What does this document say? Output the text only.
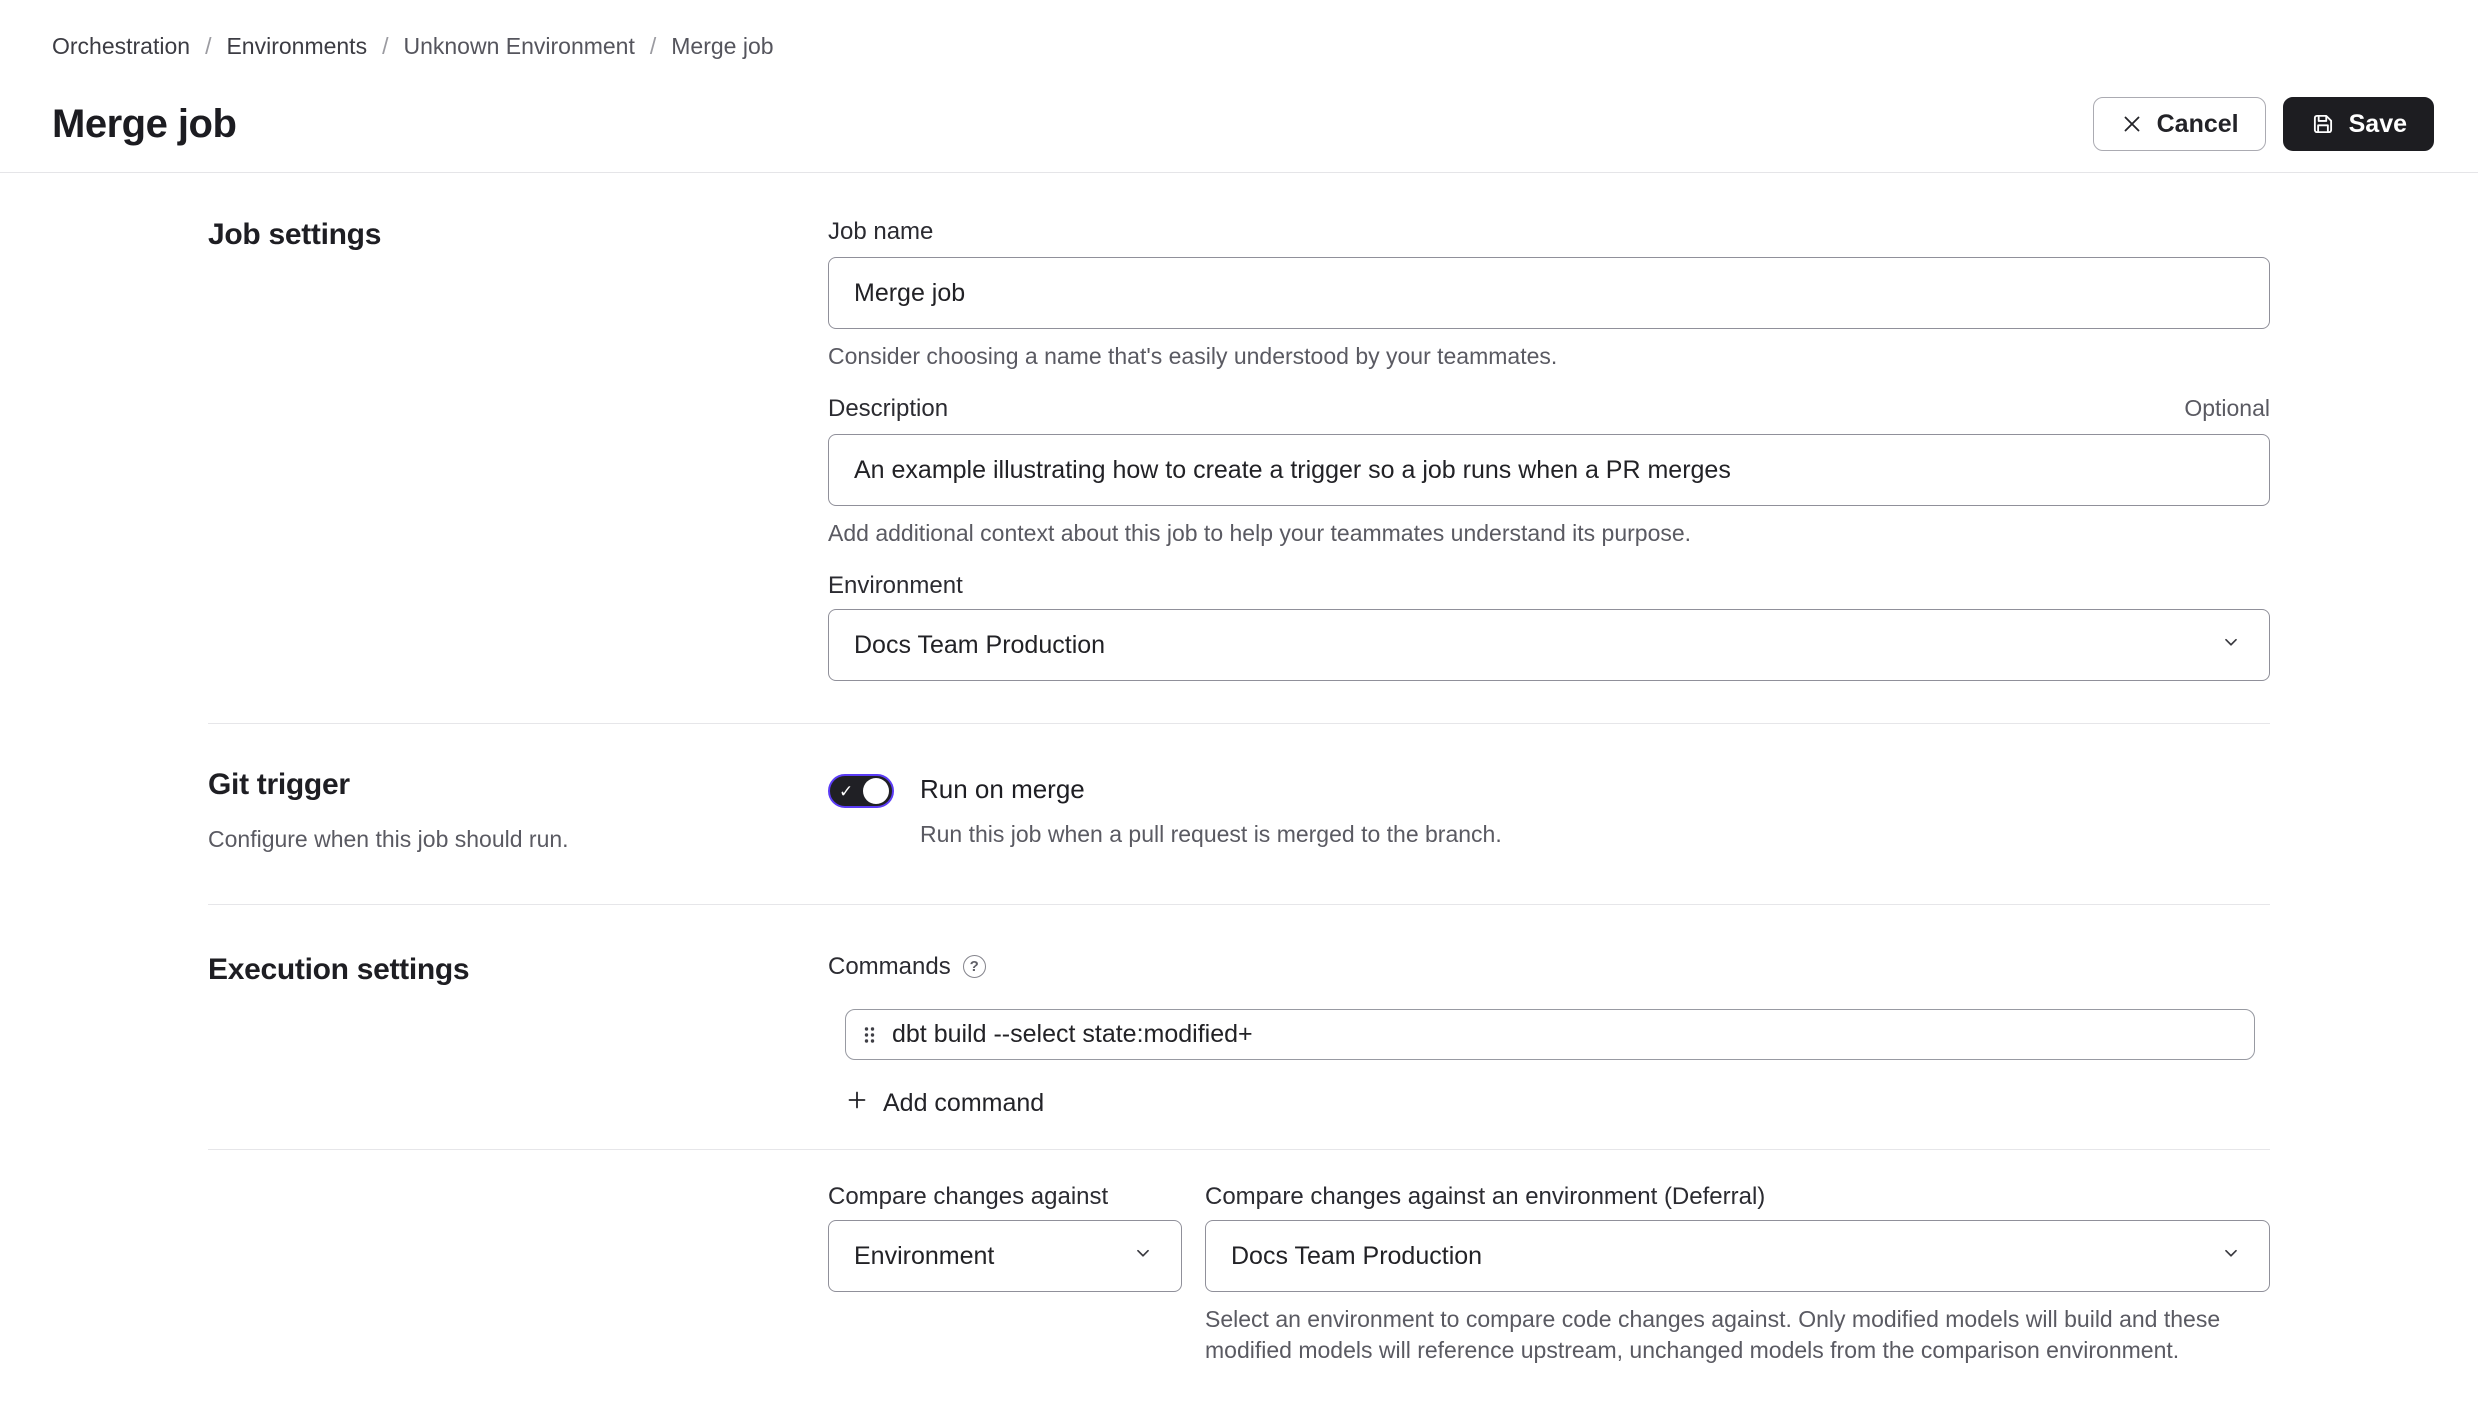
Orchestration / Environments / Unknown Environment / Merge job
Merge job	Cancel	Save
Job settings	Job name
Merge job
Consider choosing a name that's easily understood by your teammates.
Description	Optional
An example illustrating how to create a trigger so a job runs when a PR merges
Add additional context about this job to help your teammates understand its purpose.
Environment
Docs Team Production
Git trigger
Configure when this job should run.
✓	Run on merge
Run this job when a pull request is merged to the branch.
Execution settings	Commands	?
dbt build --select state:modified+
Add command
Compare changes against
Environment
Compare changes against an environment (Deferral)
Docs Team Production
Select an environment to compare code changes against. Only modified models will build and these modified models will reference upstream, unchanged models from the comparison environment.
